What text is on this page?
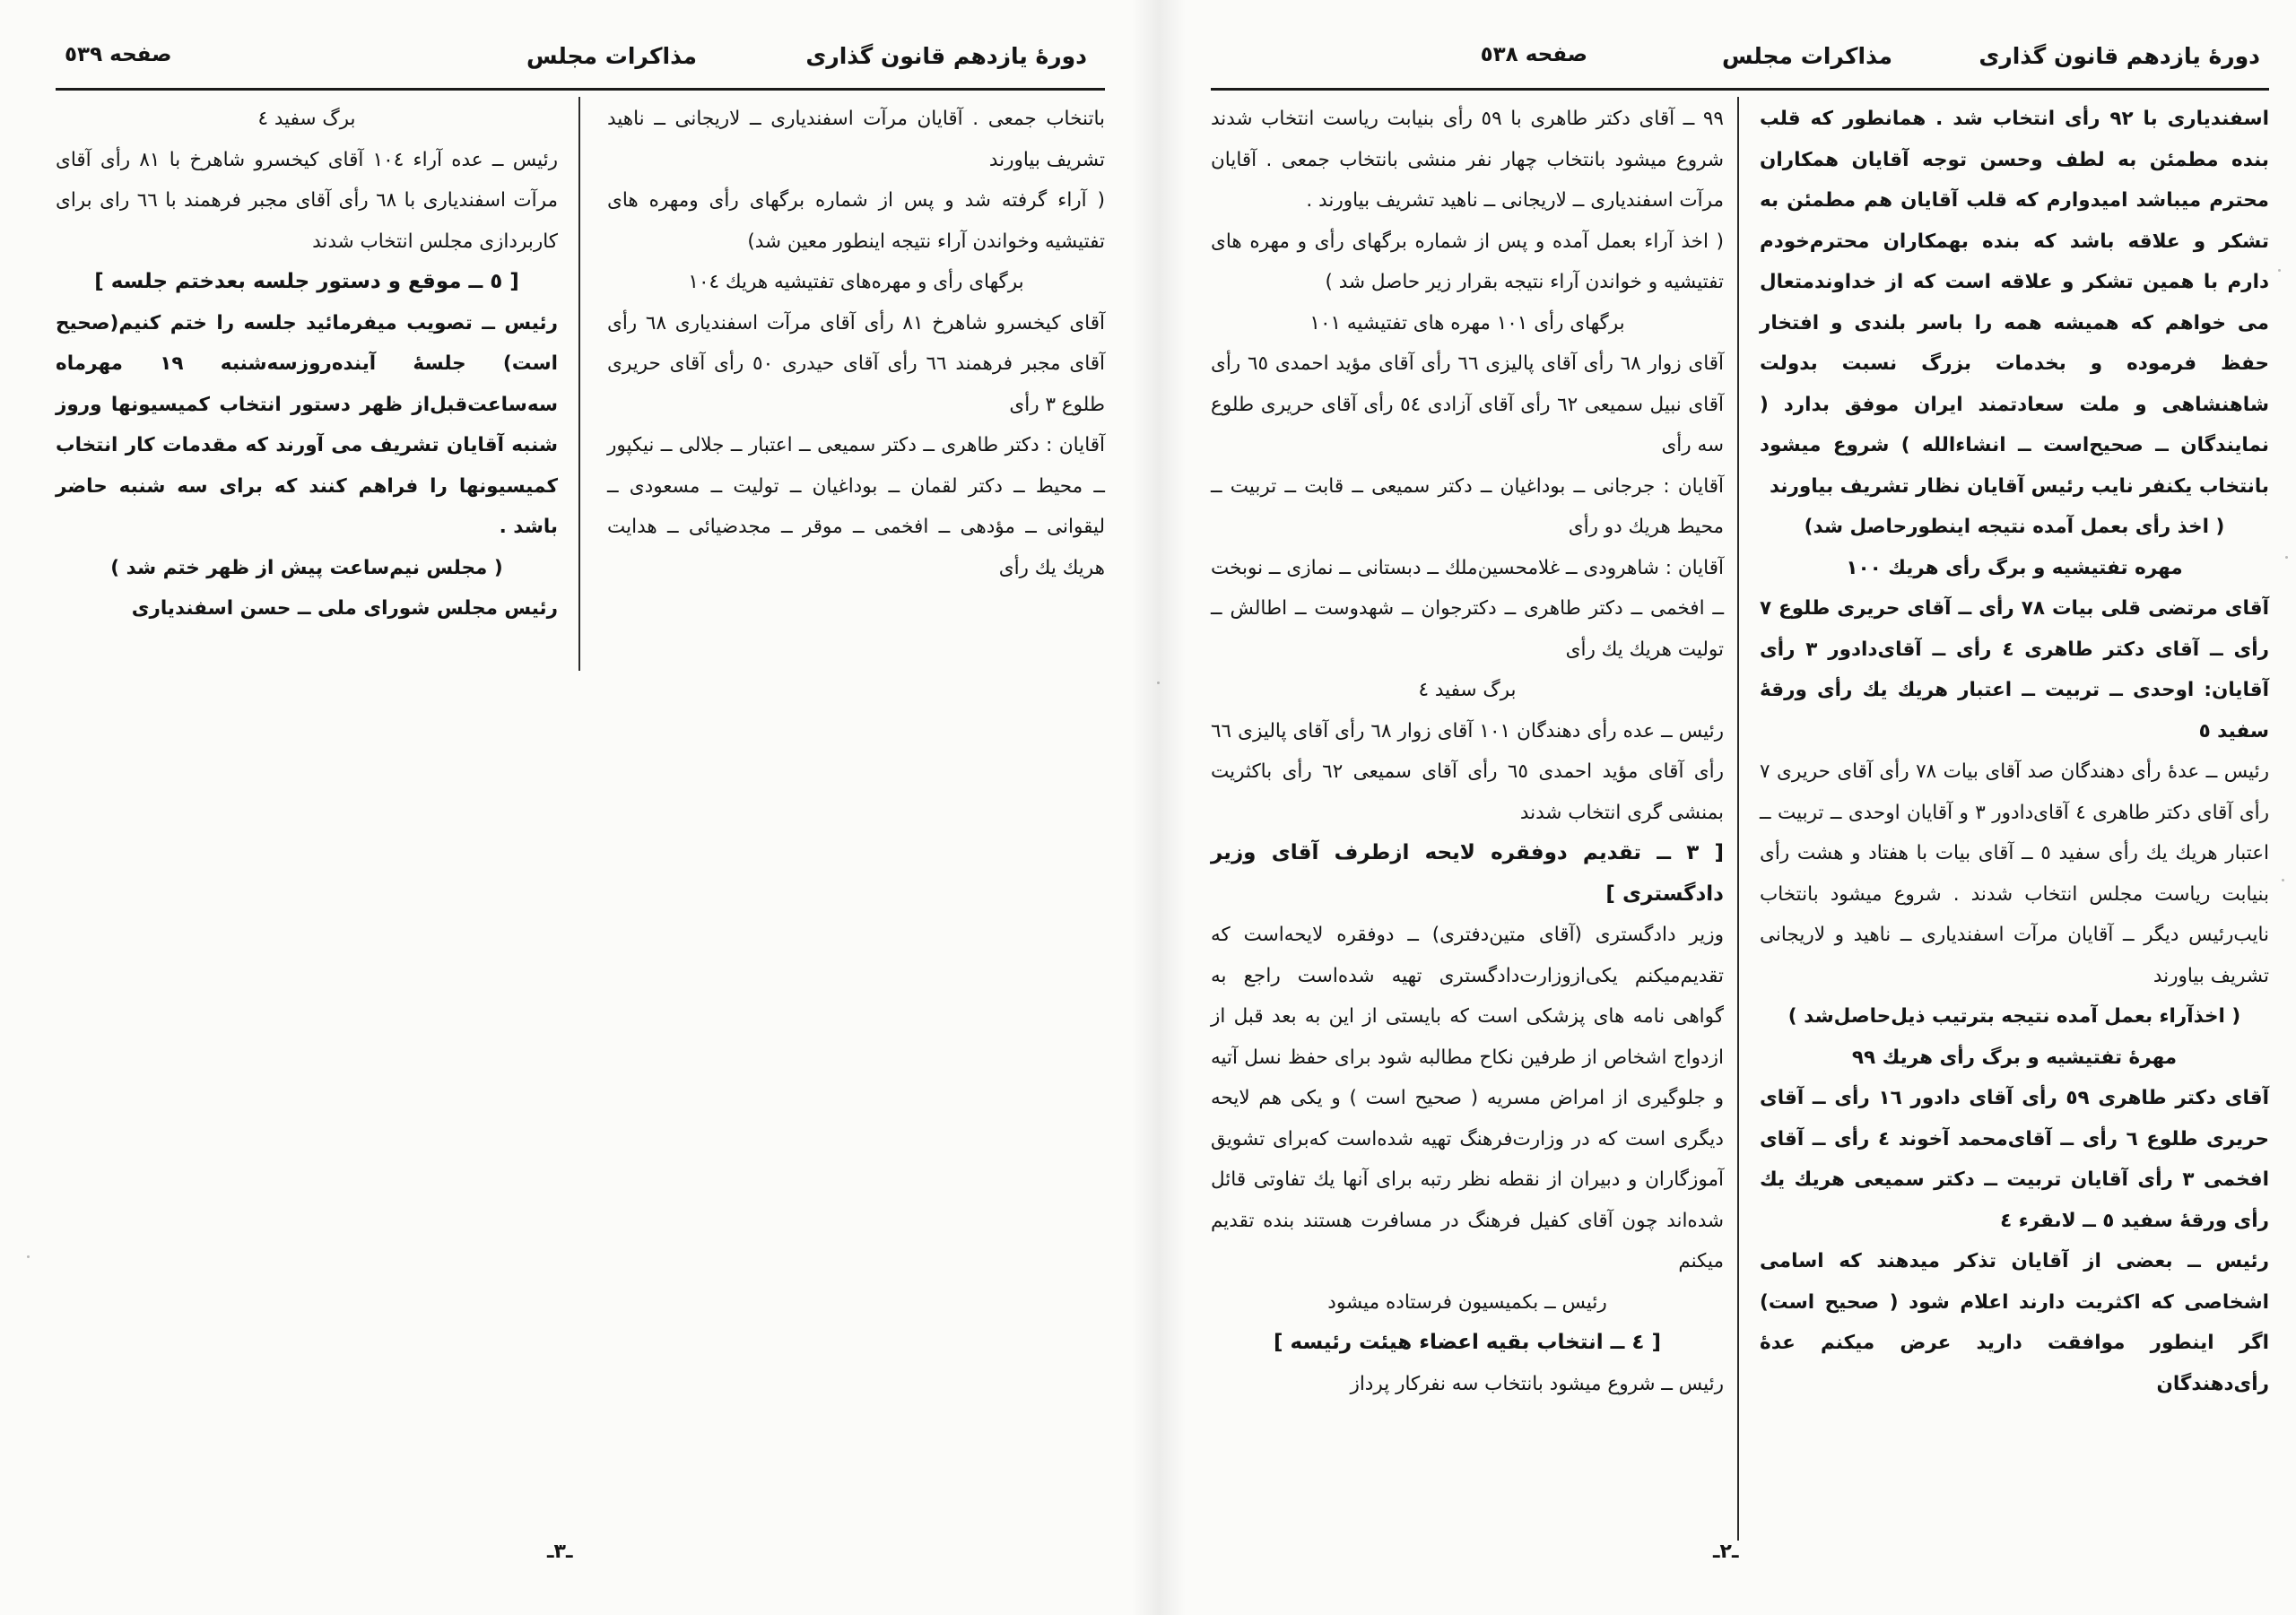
دورهٔ یازدهم قانون گذاری
مذاکرات مجلس
صفحه ٥٣٩

باتنخاب جمعی . آقایان مرآت اسفندیاری ــ لاریجانی ــ ناهید تشریف بیاورند

( آراء گرفته شد و پس از شماره برگهای رأی ومهره های تفتیشیه وخواندن آراء نتیجه اینطور معین شد)

برگهای رأی و مهره‌های تفتیشیه هریك ١٠٤

آقای کیخسرو شاهرخ ٨١ رأی آقای مرآت اسفندیاری ٦٨ رأی آقای مجبر فرهمند ٦٦ رأی آقای حیدری ٥٠ رأی آقای حریری طلوع ٣ رأی

آقایان : دکتر طاهری ــ دکتر سمیعی ــ اعتبار ــ جلالی ــ نیکپور ــ محیط ــ دکتر لقمان ــ بوداغیان ــ تولیت ــ مسعودی ــ لیقوانی ــ مؤدهی ــ افخمی ــ موقر ــ مجدضیائی ــ هدایت هریك یك رأی

برگ سفید ٤

رئیس ــ عده آراء ١٠٤ آقای کیخسرو شاهرخ با ٨١ رأی آقای مرآت اسفندیاری با ٦٨ رأی آقای مجبر فرهمند با ٦٦ رای برای کاربردازی مجلس انتخاب شدند

[ ٥ ــ موقع و دستور جلسه بعدختم جلسه ]

رئیس ــ تصویب میفرمائید جلسه را ختم کنیم(صحیح است) جلسهٔ آینده‌روزسه‌شنبه ١٩ مهرماه سه‌ساعت‌قبل‌از ظهر دستور انتخاب کمیسیونها وروز شنبه آقایان تشریف می آورند که مقدمات کار انتخاب کمیسیونها را فراهم کنند که برای سه شنبه حاضر باشد .

( مجلس نیم‌ساعت پیش از ظهر ختم شد )

رئیس مجلس شورای ملی ــ حسن اسفندیاری

ـ٣ـ
دورهٔ یازدهم قانون گذاری
مذاکرات مجلس
صفحه ٥٣٨

اسفندیاری با ٩٢ رأی انتخاب شد . همانطور که قلب بنده مطمئن به لطف وحسن توجه آقایان همکاران محترم میباشد امیدوارم که قلب آقایان هم مطمئن به تشکر و علاقه باشد که بنده بهمکاران محترم‌خودم دارم با همین تشکر و علاقه است که از خداوندمتعال می خواهم که همیشه همه را باسر بلندی و افتخار حفظ فرموده و بخدمات بزرگ نسبت بدولت شاهنشاهی و ملت سعادتمند ایران موفق بدارد ( نمایندگان ــ صحیح‌است ــ انشاءالله ) شروع میشود بانتخاب یکنفر نایب رئیس آقایان نظار تشریف بیاورند

( اخذ رأی بعمل آمده نتیجه اینطورحاصل شد)

مهره تفتیشیه و برگ رأی هریك ١٠٠

آقای مرتضی قلی بیات ٧٨ رأی ــ آقای حریری طلوع ٧ رأی ــ آقای دکتر طاهری ٤ رأی ــ آقای‌دادور ٣ رأی آقایان: اوحدی ــ تربیت ــ اعتبار هریك یك رأی ورقهٔ سفید ٥

رئیس ــ عدهٔ رأی دهندگان صد آقای بیات ٧٨ رأی آقای حریری ٧ رأی آقای دکتر طاهری ٤ آقای‌دادور ٣ و آقایان اوحدی ــ تربیت ــ اعتبار هریك یك رأی سفید ٥ ــ آقای بیات با هفتاد و هشت رأی بنیابت ریاست مجلس انتخاب شدند . شروع میشود بانتخاب نایب‌رئیس دیگر ــ آقایان مرآت اسفندیاری ــ ناهید و لاریجانی تشریف بیاورند

( اخذ‌آراء بعمل آمده نتیجه بترتیب ذیل‌حاصل‌شد )

مهرهٔ تفتیشیه و برگ رأی هریك ٩٩

آقای دکتر طاهری ٥٩ رأی آقای دادور ١٦ رأی ــ آقای حریری طلوع ٦ رأی ــ آقای‌محمد آخوند ٤ رأی ــ آقای افخمی ٣ رأی آقایان تربیت ــ دکتر سمیعی هریك یك رأی ورقهٔ سفید ٥ ــ لاىقرء ٤

رئیس ــ بعضی از آقایان تذکر میدهند که اسامی اشخاصی که اکثریت دارند اعلام شود ( صحیح است) اگر اینطور موافقت دارید عرض میکنم عدهٔ رأی‌دهندگان

٩٩ ــ آقای دکتر طاهری با ٥٩ رأی بنیابت ریاست انتخاب شدند شروع میشود بانتخاب چهار نفر منشی بانتخاب جمعی . آقایان مرآت اسفندیاری ــ لاریجانی ــ ناهید تشریف بیاورند .

( اخذ آراء بعمل آمده و پس از شماره برگهای رأی و مهره های تفتیشیه و خواندن آراء نتیجه بقرار زیر حاصل شد )

برگهای رأی ١٠١ مهره های تفتیشیه ١٠١

آقای زوار ٦٨ رأی آقای پالیزی ٦٦ رأی آقای مؤید احمدی ٦٥ رأی آقای نبیل سمیعی ٦٢ رأی آقای آزادی ٥٤ رأی آقای حریری طلوع سه رأی

آقایان : جرجانی ــ بوداغیان ــ دکتر سمیعی ــ قابت ــ تربیت ــ محیط هریك دو رأی

آقایان : شاهرودی ــ غلامحسین‌ملك ــ دبستانی ــ نمازی ــ نوبخت ــ افخمی ــ دکتر طاهری ــ دکترجوان ــ شهدوست ــ اطالش ــ تولیت هریك یك رأی

برگ سفید ٤

رئیس ــ عده رأی دهندگان ١٠١ آقای زوار ٦٨ رأی آقای پالیزی ٦٦ رأی آقای مؤید احمدی ٦٥ رأی آقای سمیعی ٦٢ رأی باکثریت بمنشی گری انتخاب شدند

[ ٣ ــ تقدیم دوفقره لایحه ازطرف آقای وزیر دادگستری ]

وزیر دادگستری (آقای متین‌دفتری) ــ دوفقره لایحه‌است که تقدیم‌میکنم یکی‌ازوزارت‌دادگستری تهیه شده‌است راجع به گواهی نامه های پزشکی است که بایستی از این به بعد قبل از ازدواج اشخاص از طرفین نکاح مطالبه شود برای حفظ نسل آتیه و جلوگیری از امراض مسریه ( صحیح است ) و یکی هم لایحه دیگری است که در وزارت‌فرهنگ تهیه شده‌است که‌برای تشویق آموزگاران و دبیران از نقطه نظر رتبه برای آنها یك تفاوتی قائل شده‌اند چون آقای کفیل فرهنگ در مسافرت هستند بنده تقدیم میکنم

رئیس ــ بکمیسیون فرستاده میشود

[ ٤ ــ انتخاب بقیه اعضاء هیئت رئیسه ]

رئیس ــ شروع میشود بانتخاب سه نفرکار پرداز

ـ٢ـ
